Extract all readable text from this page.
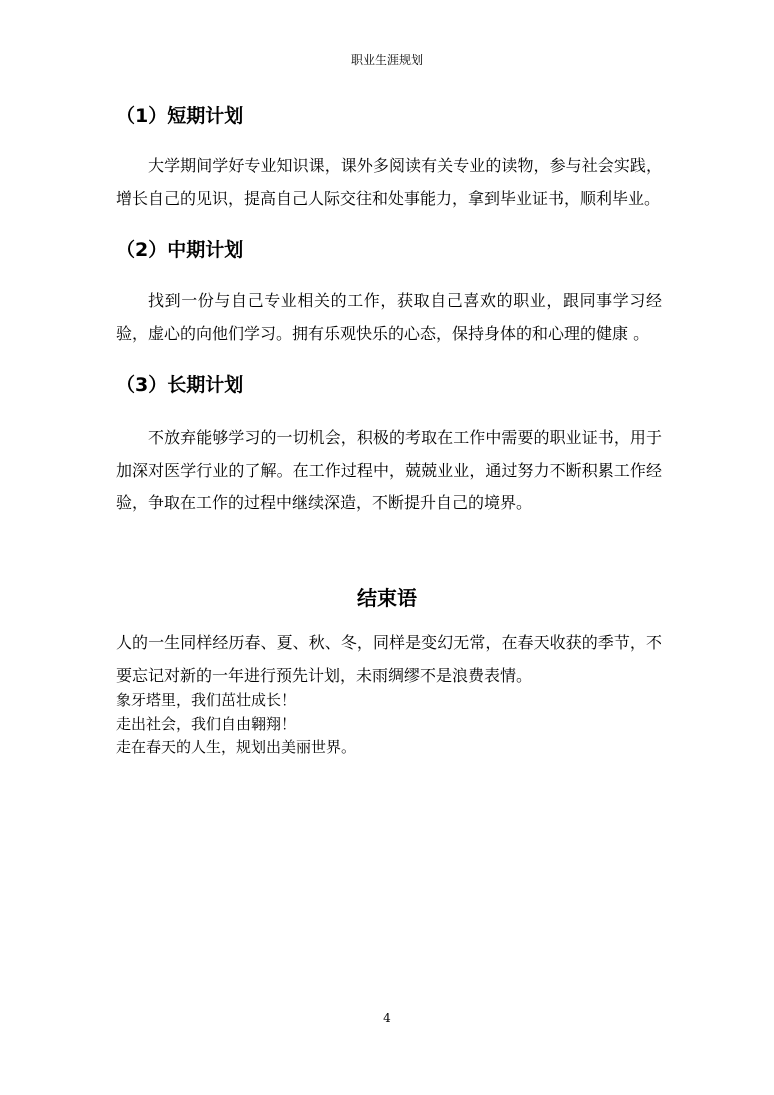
职业生涯规划
（1）短期计划

大学期间学好专业知识课，课外多阅读有关专业的读物，参与社会实践，增长自己的见识，提高自己人际交往和处事能力，拿到毕业证书，顺利毕业。

（2）中期计划

找到一份与自己专业相关的工作，获取自己喜欢的职业，跟同事学习经验，虚心的向他们学习。拥有乐观快乐的心态，保持身体的和心理的健康 。

（3）长期计划

不放弃能够学习的一切机会，积极的考取在工作中需要的职业证书，用于加深对医学行业的了解。在工作过程中，兢兢业业，通过努力不断积累工作经验，争取在工作的过程中继续深造，不断提升自己的境界。

结束语

人的一生同样经历春、夏、秋、冬，同样是变幻无常，在春天收获的季节，不要忘记对新的一年进行预先计划，未雨绸缪不是浪费表情。

象牙塔里，我们茁壮成长！
走出社会，我们自由翱翔！
走在春天的人生，规划出美丽世界。
4
